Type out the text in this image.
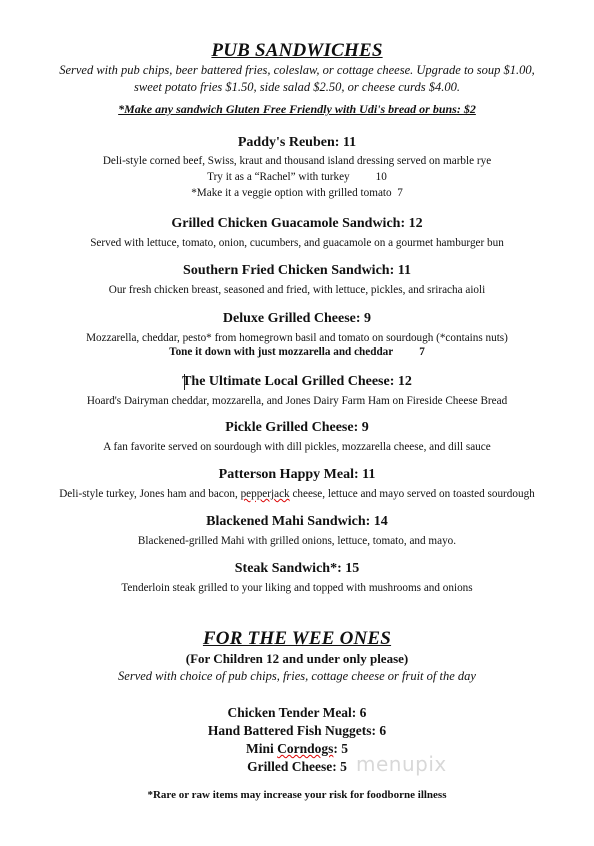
PUB SANDWICHES
Served with pub chips, beer battered fries, coleslaw, or cottage cheese. Upgrade to soup $1.00,
sweet potato fries $1.50, side salad $2.50, or cheese curds $4.00.
*Make any sandwich Gluten Free Friendly with Udi's bread or buns: $2
Paddy's Reuben: 11
Deli-style corned beef, Swiss, kraut and thousand island dressing served on marble rye
Try it as a “Rachel” with turkey 10
*Make it a veggie option with grilled tomato 7
Grilled Chicken Guacamole Sandwich: 12
Served with lettuce, tomato, onion, cucumbers, and guacamole on a gourmet hamburger bun
Southern Fried Chicken Sandwich: 11
Our fresh chicken breast, seasoned and fried, with lettuce, pickles, and sriracha aioli
Deluxe Grilled Cheese: 9
Mozzarella, cheddar, pesto* from homegrown basil and tomato on sourdough (*contains nuts)
Tone it down with just mozzarella and cheddar 7
The Ultimate Local Grilled Cheese: 12
Hoard's Dairyman cheddar, mozzarella, and Jones Dairy Farm Ham on Fireside Cheese Bread
Pickle Grilled Cheese: 9
A fan favorite served on sourdough with dill pickles, mozzarella cheese, and dill sauce
Patterson Happy Meal: 11
Deli-style turkey, Jones ham and bacon, pepperjack cheese, lettuce and mayo served on toasted sourdough
Blackened Mahi Sandwich: 14
Blackened-grilled Mahi with grilled onions, lettuce, tomato, and mayo.
Steak Sandwich*: 15
Tenderloin steak grilled to your liking and topped with mushrooms and onions
FOR THE WEE ONES
(For Children 12 and under only please)
Served with choice of pub chips, fries, cottage cheese or fruit of the day
Chicken Tender Meal: 6
Hand Battered Fish Nuggets: 6
Mini Corndogs: 5
Grilled Cheese: 5 menupix
*Rare or raw items may increase your risk for foodborne illness
